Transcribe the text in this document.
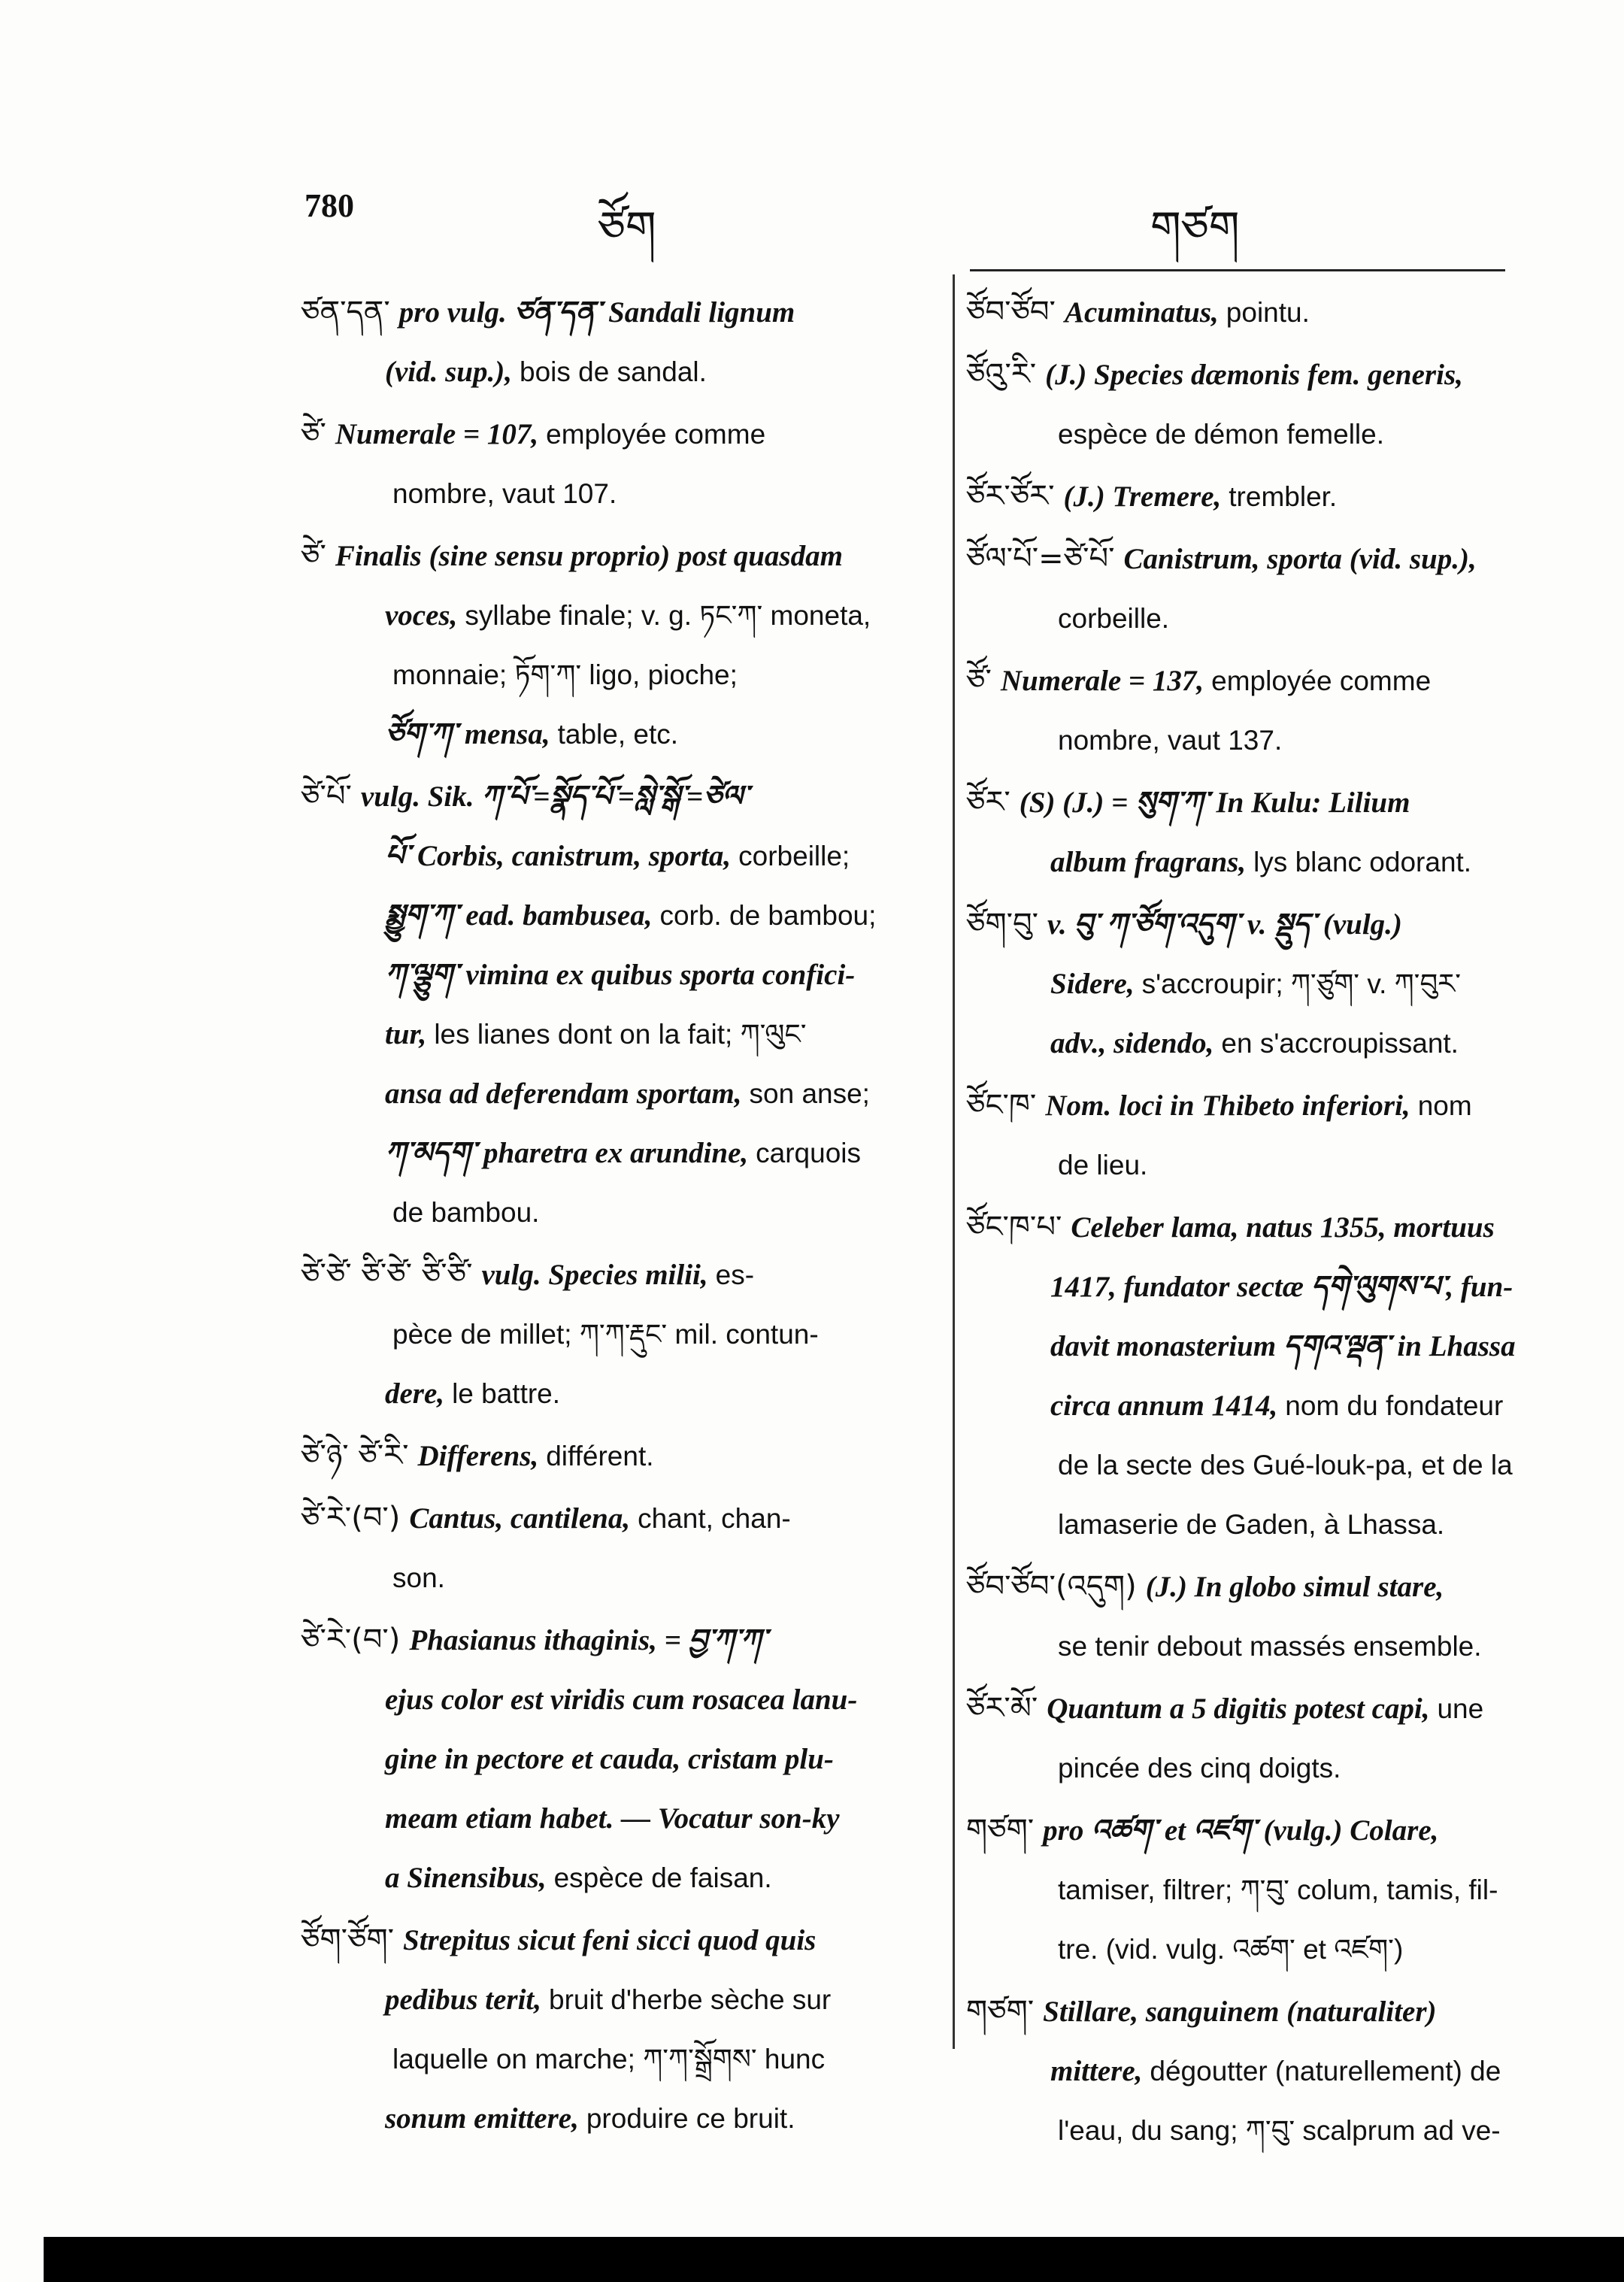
780	ཙོག	གཙག
ཙན་དན་ pro vulg. ཙན་དན་ Sandali lignum
(vid. sup.), bois de sandal.
ཙེ་ Numerale = 107, employée comme
nombre, vaut 107.
ཙེ་ Finalis (sine sensu proprio) post quasdam
voces, syllabe finale; v. g. ཏང་ཀ་ moneta,
monnaie; ཏོག་ཀ་ ligo, pioche;
ཙོག་ཀ་ mensa, table, etc.
ཙེ་པོ་ vulg. Sik. ཀ་པོ་=སྣོད་པོ་=སླེ་སྒོ་=ཙེལ་
པོ་ Corbis, canistrum, sporta, corbeille;
སྨྱུག་ཀ་ ead. bambusea, corb. de bambou;
ཀ་ལྕུག་ vimina ex quibus sporta confici-
tur, les lianes dont on la fait; ཀ་ལུང་
ansa ad deferendam sportam, son anse;
ཀ་མདག་ pharetra ex arundine, carquois
de bambou.
ཙེ་ཙེ་ ཙི་ཙེ་ ཙི་ཙི་ vulg. Species milii, es-
pèce de millet; ཀ་ཀ་རྡུང་ mil. contun-
dere, le battre.
ཙེ་ཉེ་ ཙེ་རི་ Differens, différent.
ཙེ་རེ་(བ་) Cantus, cantilena, chant, chan-
son.
ཙེ་རེ་(བ་) Phasianus ithaginis, = བྱ་ཀ་ཀ་
ejus color est viridis cum rosacea lanu-
gine in pectore et cauda, cristam plu-
meam etiam habet. — Vocatur son-ky
a Sinensibus, espèce de faisan.
ཙོག་ཙོག་ Strepitus sicut feni sicci quod quis
pedibus terit, bruit d'herbe sèche sur
laquelle on marche; ཀ་ཀ་སྒྲོགས་ hunc
sonum emittere, produire ce bruit.
ཙོབ་ཙོབ་ Acuminatus, pointu.
ཙོའུ་རི་ (J.) Species dæmonis fem. generis,
espèce de démon femelle.
ཙོར་ཙོར་ (J.) Tremere, trembler.
ཙོལ་པོ་=ཙེ་པོ་ Canistrum, sporta (vid. sup.),
corbeille.
ཙོ་ Numerale = 137, employée comme
nombre, vaut 137.
ཙོར་ (S) (J.) = སུག་ཀ་ In Kulu: Lilium
album fragrans, lys blanc odorant.
ཙོག་བུ་ v. བུ་ ཀ་ཙོག་འདུག་ v. སྡུད་ (vulg.)
Sidere, s'accroupir; ཀ་ཙུག་ v. ཀ་བུར་
adv., sidendo, en s'accroupissant.
ཙོང་ཁ་ Nom. loci in Thibeto inferiori, nom
de lieu.
ཙོང་ཁ་པ་ Celeber lama, natus 1355, mortuus
1417, fundator sectæ དགེ་ལུགས་པ་, fun-
davit monasterium དགའ་ལྡན་ in Lhassa
circa annum 1414, nom du fondateur
de la secte des Gué-louk-pa, et de la
lamaserie de Gaden, à Lhassa.
ཙོབ་ཙོབ་(འདུག) (J.) In globo simul stare,
se tenir debout massés ensemble.
ཙོར་མོ་ Quantum a 5 digitis potest capi, une
pincée des cinq doigts.
གཙག་ pro འཚག་ et འཛག་ (vulg.) Colare,
tamiser, filtrer; ཀ་བུ་ colum, tamis, fil-
tre. (vid. vulg. འཚག་ et འཛག་)
གཙག་ Stillare, sanguinem (naturaliter)
mittere, dégoutter (naturellement) de
l'eau, du sang; ཀ་བུ་ scalprum ad ve-
